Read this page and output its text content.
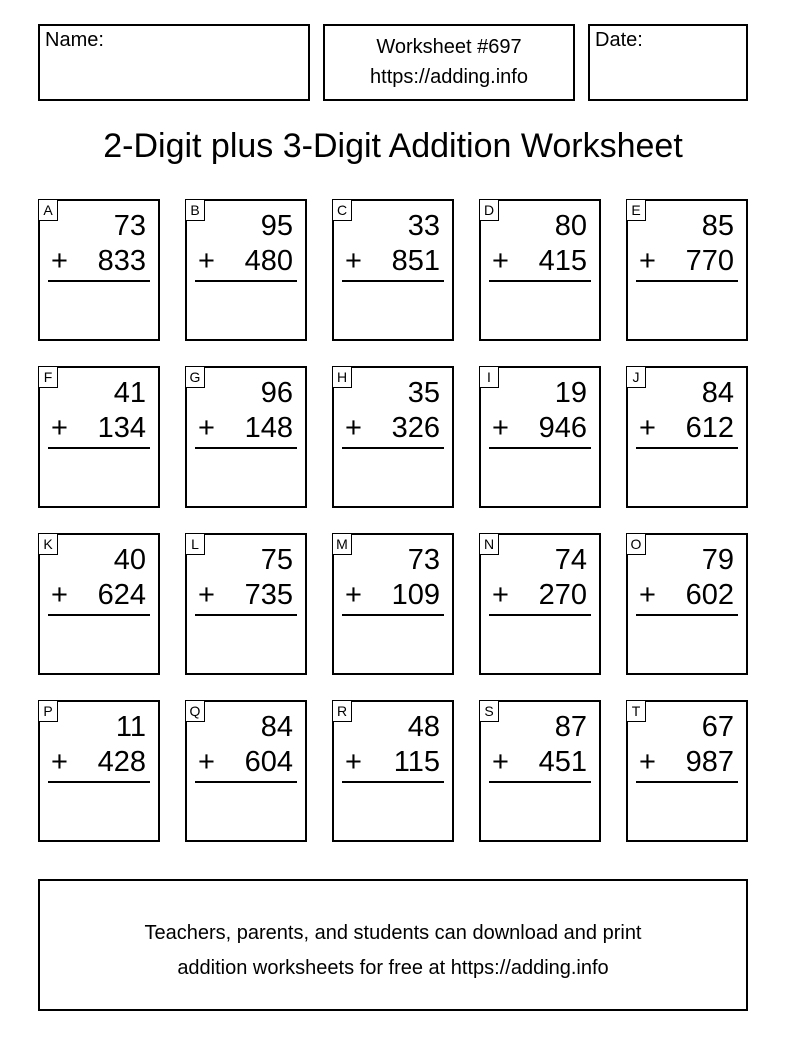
Name:	Worksheet #697
https://adding.info
Date:
2-Digit plus 3-Digit Addition Worksheet
A 73
+ 833
B 95
+ 480
C 33
+ 851
D 80
+ 415
E 85
+ 770
F 41
+ 134
G 96
+ 148
H 35
+ 326
I 19
+ 946
J 84
+ 612
K 40
+ 624
L 75
+ 735
M 73
+ 109
N 74
+ 270
O 79
+ 602
P 11
+ 428
Q 84
+ 604
R 48
+ 115
S 87
+ 451
T 67
+ 987
Teachers, parents, and students can download and print
addition worksheets for free at https://adding.info
